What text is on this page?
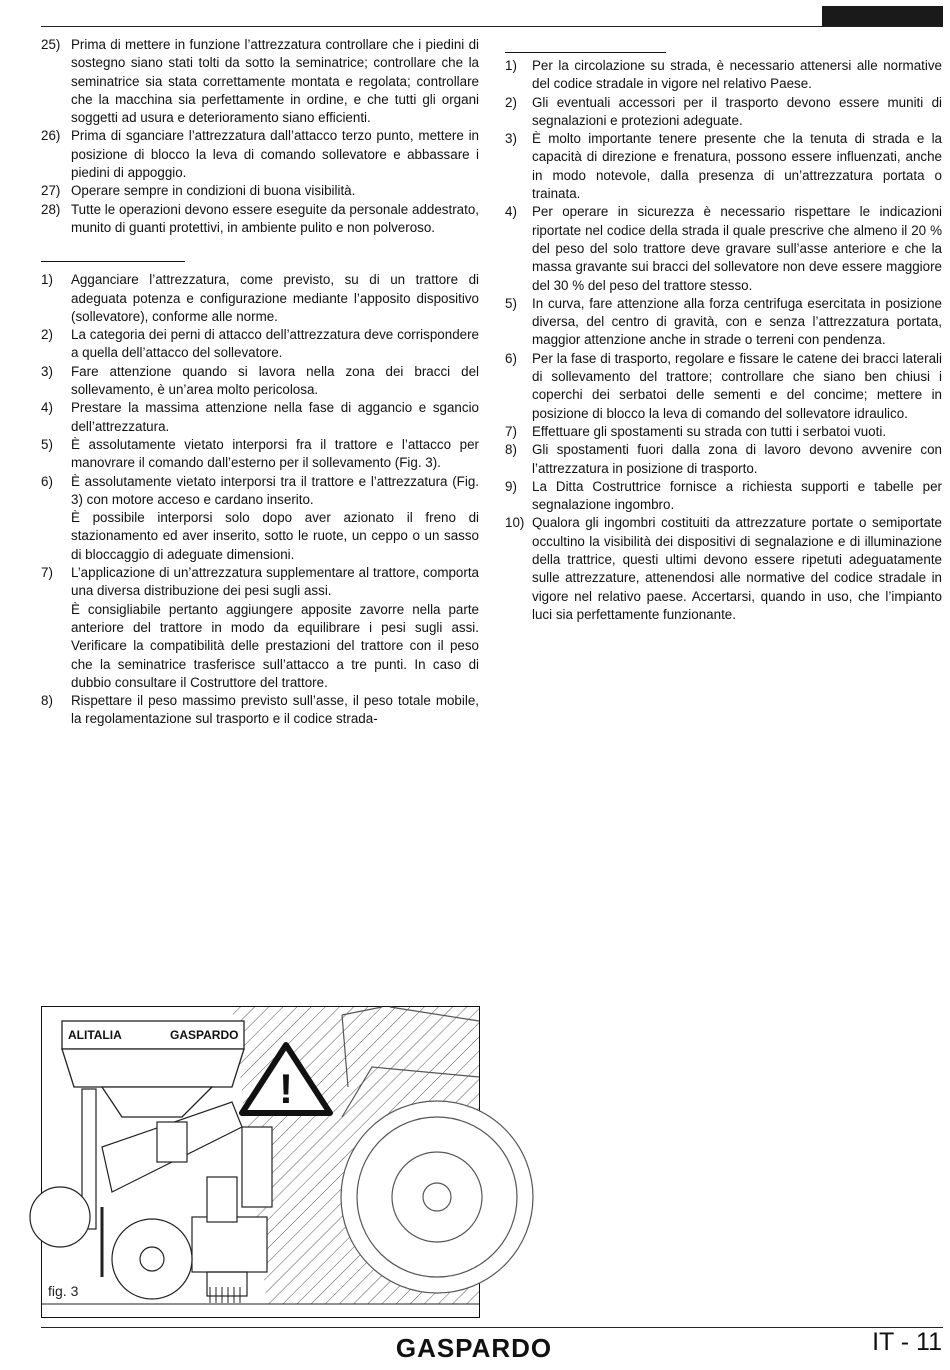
25) Prima di mettere in funzione l’attrezzatura controllare che i piedini di sostegno siano stati tolti da sotto la seminatrice; controllare che la seminatrice sia stata correttamente montata e regolata; controllare che la macchina sia perfettamente in ordine, e che tutti gli organi soggetti ad usura e deterioramento siano efficienti.
26) Prima di sganciare l’attrezzatura dall’attacco terzo punto, mettere in posizione di blocco la leva di comando sollevatore e abbassare i piedini di appoggio.
27) Operare sempre in condizioni di buona visibilità.
28) Tutte le operazioni devono essere eseguite da personale addestrato, munito di guanti protettivi, in ambiente pulito e non polveroso.
1)	Agganciare l’attrezzatura, come previsto, su di un trattore di adeguata potenza e configurazione mediante l’apposito dispositivo (sollevatore), conforme alle norme.
2)	La categoria dei perni di attacco dell’attrezzatura deve corrispondere a quella dell’attacco del sollevatore.
3)	Fare attenzione quando si lavora nella zona dei bracci del sollevamento, è un’area molto pericolosa.
4)	Prestare la massima attenzione nella fase di aggancio e sgancio dell’attrezzatura.
5)	È assolutamente vietato interporsi fra il trattore e l’attacco per manovrare il comando dall’esterno per il sollevamento (Fig. 3).
6)	È assolutamente vietato interporsi tra il trattore e l’attrezzatura (Fig. 3) con motore acceso e cardano inserito.

È possibile interporsi solo dopo aver azionato il freno di stazionamento ed aver inserito, sotto le ruote, un ceppo o un sasso di bloccaggio di adeguate dimensioni.

7)	L’applicazione di un’attrezzatura supplementare al trattore, comporta una diversa distribuzione dei pesi sugli assi.

È consigliabile pertanto aggiungere apposite zavorre nella parte anteriore del trattore in modo da equilibrare i pesi sugli assi. Verificare la compatibilità delle prestazioni del trattore con il peso che la seminatrice trasferisce sull’attacco a tre punti. In caso di dubbio consultare il Costruttore del trattore.

8)	Rispettare il peso massimo previsto sull’asse, il peso totale mobile, la regolamentazione sul trasporto e il codice strada-
1)	Per la circolazione su strada, è necessario attenersi alle normative del codice stradale in vigore nel relativo Paese.
2)	Gli eventuali accessori per il trasporto devono essere muniti di segnalazioni e protezioni adeguate.
3)	È molto importante tenere presente che la tenuta di strada e la capacità di direzione e frenatura, possono essere influenzati, anche in modo notevole, dalla presenza di un’attrezzatura portata o trainata.
4)	Per operare in sicurezza è necessario rispettare le indicazioni riportate nel codice della strada il quale prescrive che almeno il 20 % del peso del solo trattore deve gravare sull’asse anteriore e che la massa gravante sui bracci del sollevatore non deve essere maggiore del 30 % del peso del trattore stesso.
5)	In curva, fare attenzione alla forza centrifuga esercitata in posizione diversa, del centro di gravità, con e senza l’attrezzatura portata, maggior attenzione anche in strade o terreni con pendenza.
6)	Per la fase di trasporto, regolare e fissare le catene dei bracci laterali di sollevamento del trattore; controllare che siano ben chiusi i coperchi dei serbatoi delle sementi e del concime; mettere in posizione di blocco la leva di comando del sollevatore idraulico.
7)	Effettuare gli spostamenti su strada con tutti i serbatoi vuoti.
8)	Gli spostamenti fuori dalla zona di lavoro devono avvenire con l’attrezzatura in posizione di trasporto.
9)	La Ditta Costruttrice fornisce a richiesta supporti e tabelle per segnalazione ingombro.
10) Qualora gli ingombri costituiti da attrezzature portate o semiportate occultino la visibilità dei dispositivi di segnalazione e di illuminazione della trattrice, questi ultimi devono essere ripetuti adeguatamente sulle attrezzature, attenendosi alle normative del codice stradale in vigore nel relativo paese. Accertarsi, quando in uso, che l’impianto luci sia perfettamente funzionante.
ALITALIA	GASPARDO
!
fig. 3
GASPARDO	IT - 11
